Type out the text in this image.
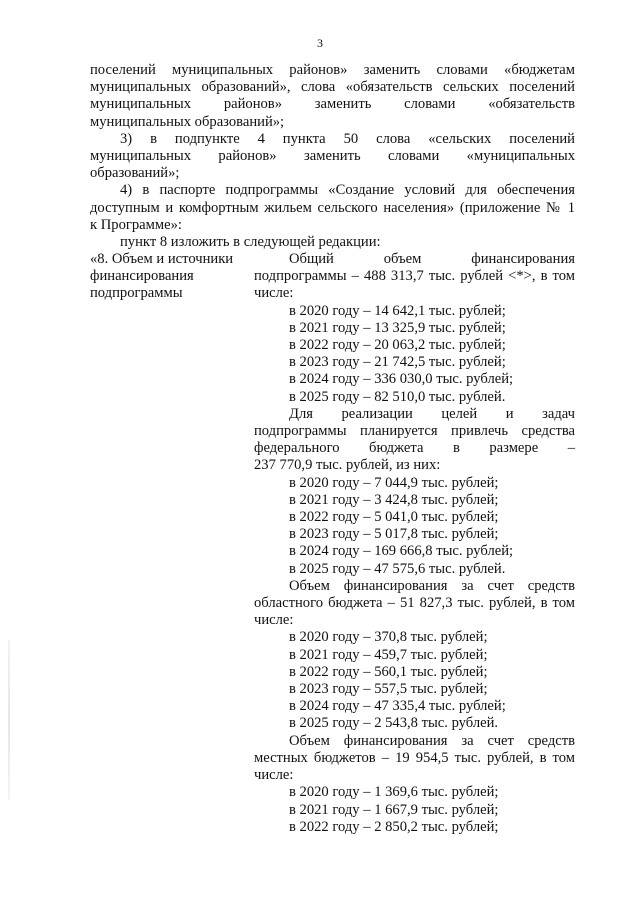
3
поселений муниципальных районов» заменить словами «бюджетам
муниципальных образований», слова «обязательств сельских поселений
муниципальных районов» заменить словами «обязательств
муниципальных образований»;
3) в подпункте 4 пункта 50 слова «сельских поселений
муниципальных районов» заменить словами «муниципальных
образований»;
4) в паспорте подпрограммы «Создание условий для обеспечения
доступным и комфортным жильем сельского населения» (приложение № 1
к Программе»:
пункт 8 изложить в следующей редакции:
«8. Объем и источники
финансирования
подпрограммы
Общий объем финансирования
подпрограммы – 488 313,7 тыс. рублей <*>, в том
числе:
в 2020 году – 14 642,1 тыс. рублей;
в 2021 году – 13 325,9 тыс. рублей;
в 2022 году – 20 063,2 тыс. рублей;
в 2023 году – 21 742,5 тыс. рублей;
в 2024 году – 336 030,0 тыс. рублей;
в 2025 году – 82 510,0 тыс. рублей.
Для реализации целей и задач
подпрограммы планируется привлечь средства
федерального бюджета в размере –
237 770,9 тыс. рублей, из них:
в 2020 году – 7 044,9 тыс. рублей;
в 2021 году – 3 424,8 тыс. рублей;
в 2022 году – 5 041,0 тыс. рублей;
в 2023 году – 5 017,8 тыс. рублей;
в 2024 году – 169 666,8 тыс. рублей;
в 2025 году – 47 575,6 тыс. рублей.
Объем финансирования за счет средств
областного бюджета – 51 827,3 тыс. рублей, в том
числе:
в 2020 году – 370,8 тыс. рублей;
в 2021 году – 459,7 тыс. рублей;
в 2022 году – 560,1 тыс. рублей;
в 2023 году – 557,5 тыс. рублей;
в 2024 году – 47 335,4 тыс. рублей;
в 2025 году – 2 543,8 тыс. рублей.
Объем финансирования за счет средств
местных бюджетов – 19 954,5 тыс. рублей, в том
числе:
в 2020 году – 1 369,6 тыс. рублей;
в 2021 году – 1 667,9 тыс. рублей;
в 2022 году – 2 850,2 тыс. рублей;
